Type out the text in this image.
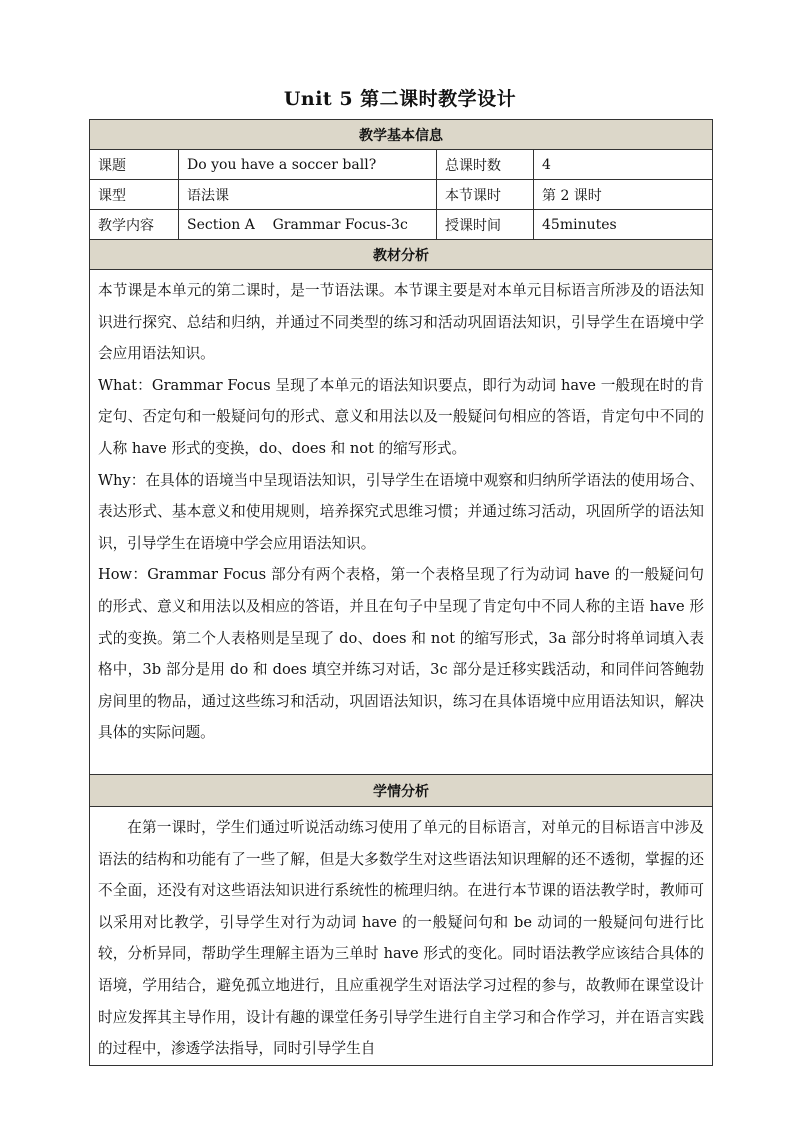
Unit 5 第二课时教学设计
教学基本信息			
课题	Do you have a soccer ball?	总课时数	4
课型	语法课	本节课时	第 2 课时
教学内容	Section A    Grammar Focus-3c	授课时间	45minutes
教材分析			

本节课是本单元的第二课时，是一节语法课。本节课主要是对本单元目标语言所涉及的语法知识进行探究、总结和归纳，并通过不同类型的练习和活动巩固语法知识，引导学生在语境中学会应用语法知识。

What：Grammar Focus 呈现了本单元的语法知识要点，即行为动词 have 一般现在时的肯定句、否定句和一般疑问句的形式、意义和用法以及一般疑问句相应的答语，肯定句中不同的人称 have 形式的变换，do、does 和 not 的缩写形式。

Why：在具体的语境当中呈现语法知识，引导学生在语境中观察和归纳所学语法的使用场合、表达形式、基本意义和使用规则，培养探究式思维习惯；并通过练习活动，巩固所学的语法知识，引导学生在语境中学会应用语法知识。

How：Grammar Focus 部分有两个表格，第一个表格呈现了行为动词 have 的一般疑问句的形式、意义和用法以及相应的答语，并且在句子中呈现了肯定句中不同人称的主语 have 形式的变换。第二个人表格则是呈现了 do、does 和 not 的缩写形式，3a 部分时将单词填入表格中，3b 部分是用 do 和 does 填空并练习对话，3c 部分是迁移实践活动，和同伴问答鲍勃房间里的物品，通过这些练习和活动，巩固语法知识，练习在具体语境中应用语法知识，解决具体的实际问题。			

学情分析			

在第一课时，学生们通过听说活动练习使用了单元的目标语言，对单元的目标语言中涉及语法的结构和功能有了一些了解，但是大多数学生对这些语法知识理解的还不透彻，掌握的还不全面，还没有对这些语法知识进行系统性的梳理归纳。在进行本节课的语法教学时，教师可以采用对比教学，引导学生对行为动词 have 的一般疑问句和 be 动词的一般疑问句进行比较，分析异同，帮助学生理解主语为三单时 have 形式的变化。同时语法教学应该结合具体的语境，学用结合，避免孤立地进行，且应重视学生对语法学习过程的参与，故教师在课堂设计时应发挥其主导作用，设计有趣的课堂任务引导学生进行自主学习和合作学习，并在语言实践的过程中，渗透学法指导，同时引导学生自			
